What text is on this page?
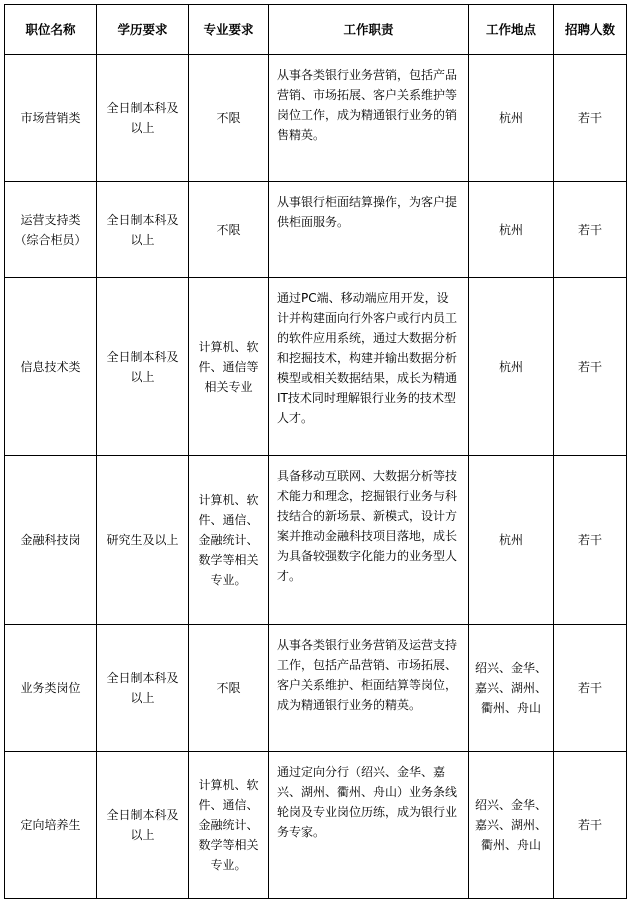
职位名称	学历要求	专业要求	工作职责	工作地点	招聘人数

市场营销类	全日制本科及以上	不限	从事各类银行业务营销，包括产品营销、市场拓展、客户关系维护等岗位工作，成为精通银行业务的销售精英。	杭州	若干

运营支持类（综合柜员）	全日制本科及以上	不限	从事银行柜面结算操作，为客户提供柜面服务。	杭州	若干

信息技术类	全日制本科及以上	计算机、软件、通信等相关专业	通过PC端、移动端应用开发，设计并构建面向行外客户或行内员工的软件应用系统，通过大数据分析和挖掘技术，构建并输出数据分析模型或相关数据结果，成长为精通IT技术同时理解银行业务的技术型人才。	杭州	若干

金融科技岗	研究生及以上	计算机、软件、通信、金融统计、数学等相关专业。	具备移动互联网、大数据分析等技术能力和理念，挖掘银行业务与科技结合的新场景、新模式，设计方案并推动金融科技项目落地，成长为具备较强数字化能力的业务型人才。	杭州	若干

业务类岗位	全日制本科及以上	不限	从事各类银行业务营销及运营支持工作，包括产品营销、市场拓展、客户关系维护、柜面结算等岗位，成为精通银行业务的精英。	绍兴、金华、嘉兴、湖州、衢州、舟山	若干

定向培养生	全日制本科及以上	计算机、软件、通信、金融统计、数学等相关专业。	通过定向分行（绍兴、金华、嘉兴、湖州、衢州、舟山）业务条线轮岗及专业岗位历练，成为银行业务专家。	绍兴、金华、嘉兴、湖州、衢州、舟山	若干
